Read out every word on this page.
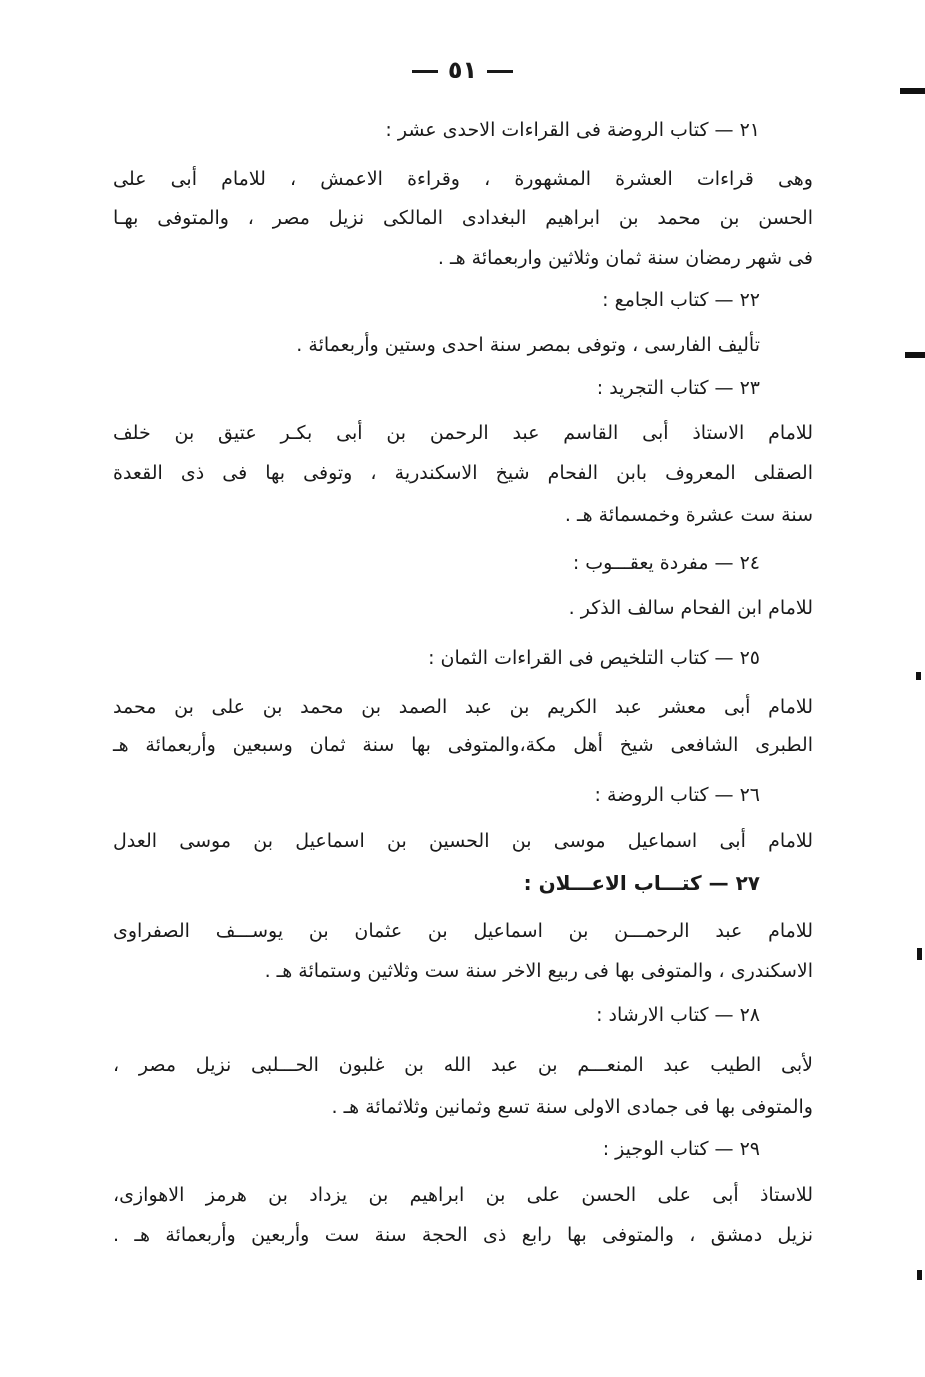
٥١
٢١ — كتاب الروضة فى القراءات الاحدى عشر :
وهى قراءات العشرة المشهورة ، وقراءة الاعمش ، للامام أبى على
الحسن بن محمد بن ابراهيم البغدادى المالكى نزيل مصر ، والمتوفى بهـا
فى شهر رمضان سنة ثمان وثلاثين واربعمائة هـ .
٢٢ — كتاب الجامع :
تأليف الفارسى ، وتوفى بمصر سنة احدى وستين وأربعمائة .
٢٣ — كتاب التجريد :
للامام الاستاذ أبى القاسم عبد الرحمن بن أبى بكـر عتيق بن خلف
الصقلى المعروف بابن الفحام شيخ الاسكندرية ، وتوفى بها فى ذى القعدة
سنة ست عشرة وخمسمائة هـ .
٢٤ — مفردة يعقـــوب :
للامام ابن الفحام سالف الذكر .
٢٥ — كتاب التلخيص فى القراءات الثمان :
للامام أبى معشر عبد الكريم بن عبد الصمد بن محمد بن على بن محمد
الطبرى الشافعى شيخ أهل مكة،والمتوفى بها سنة ثمان وسبعين وأربعمائة هـ
٢٦ — كتاب الروضة :
للامام أبى اسماعيل موسى بن الحسين بن اسماعيل بن موسى العدل
٢٧ — كتـــاب الاعـــلان :
للامام عبد الرحمـــن بن اسماعيل بن عثمان بن يوســـف الصفراوى
الاسكندرى ، والمتوفى بها فى ربيع الاخر سنة ست وثلاثين وستمائة هـ .
٢٨ — كتاب الارشاد :
لأبى الطيب عبد المنعـــم بن عبد الله بن غلبون الحـــلبى نزيل مصر ،
والمتوفى بها فى جمادى الاولى سنة تسع وثمانين وثلاثمائة هـ .
٢٩ — كتاب الوجيز :
للاستاذ أبى على الحسن على بن ابراهيم بن يزداد بن هرمز الاهوازى،
نزيل دمشق ، والمتوفى بها رابع ذى الحجة سنة ست وأربعين وأربعمائة هـ .
